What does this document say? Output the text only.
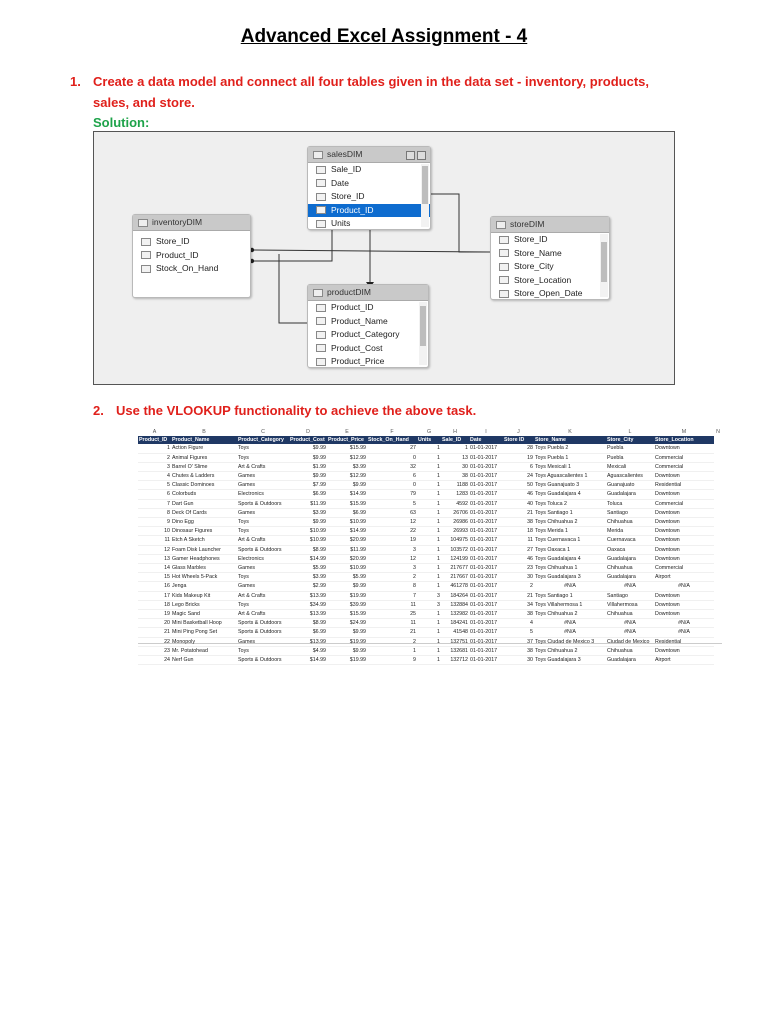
Advanced Excel Assignment - 4
1. Create a data model and connect all four tables given in the data set - inventory, products,
sales, and store.
Solution:
salesDIM
Sale_ID
Date
Store_ID
Product_ID
Units
inventoryDIM
Store_ID
Product_ID
Stock_On_Hand
storeDIM
Store_ID
Store_Name
Store_City
Store_Location
Store_Open_Date
productDIM
Product_ID
Product_Name
Product_Category
Product_Cost
Product_Price
2. Use the VLOOKUP functionality to achieve the above task.
A	B	C	D	E	F	G	H	I	J	K	L	M	N
Product_ID	Product_Name	Product_Category	Product_Cost	Product_Price	Stock_On_Hand	Units	Sale_ID	Date	Store ID	Store_Name	Store_City	Store_Location	
1	Action Figure	Toys	$9.99	$15.99	27	1	1	01-01-2017	28	Toys Puebla 2	Puebla	Downtown	
2	Animal Figures	Toys	$9.99	$12.99	0	1	13	01-01-2017	19	Toys Puebla 1	Puebla	Commercial	
3	Barrel O' Slime	Art & Crafts	$1.99	$3.99	32	1	30	01-01-2017	6	Toys Mexicali 1	Mexicali	Commercial	
4	Chutes & Ladders	Games	$9.99	$12.99	6	1	38	01-01-2017	24	Toys Aguascalientes 1	Aguascalientes	Downtown	
5	Classic Dominoes	Games	$7.99	$9.99	0	1	1188	01-01-2017	50	Toys Guanajuato 3	Guanajuato	Residential	
6	Colorbuds	Electronics	$6.99	$14.99	79	1	1283	01-01-2017	46	Toys Guadalajara 4	Guadalajara	Downtown	
7	Dart Gun	Sports & Outdoors	$11.99	$15.99	5	1	4592	01-01-2017	40	Toys Toluca 2	Toluca	Commercial	
8	Deck Of Cards	Games	$3.99	$6.99	63	1	26706	01-01-2017	21	Toys Santiago 1	Santiago	Downtown	
9	Dino Egg	Toys	$9.99	$10.99	12	1	26986	01-01-2017	38	Toys Chihuahua 2	Chihuahua	Downtown	
10	Dinosaur Figures	Toys	$10.99	$14.99	22	1	26993	01-01-2017	18	Toys Merida 1	Merida	Downtown	
11	Etch A Sketch	Art & Crafts	$10.99	$20.99	19	1	104975	01-01-2017	11	Toys Cuernavaca 1	Cuernavaca	Downtown	
12	Foam Disk Launcher	Sports & Outdoors	$8.99	$11.99	3	1	103572	01-01-2017	27	Toys Oaxaca 1	Oaxaca	Downtown	
13	Gamer Headphones	Electronics	$14.99	$20.99	12	1	124199	01-01-2017	46	Toys Guadalajara 4	Guadalajara	Downtown	
14	Glass Marbles	Games	$5.99	$10.99	3	1	217677	01-01-2017	23	Toys Chihuahua 1	Chihuahua	Commercial	
15	Hot Wheels 5-Pack	Toys	$3.99	$5.99	2	1	217667	01-01-2017	30	Toys Guadalajara 3	Guadalajara	Airport	
16	Jenga	Games	$2.99	$9.99	8	1	461278	01-01-2017	2	#N/A	#N/A	#N/A	
17	Kids Makeup Kit	Art & Crafts	$13.99	$19.99	7	3	184264	01-01-2017	21	Toys Santiago 1	Santiago	Downtown	
18	Lego Bricks	Toys	$34.99	$39.99	11	3	132884	01-01-2017	34	Toys Villahermosa 1	Villahermosa	Downtown	
19	Magic Sand	Art & Crafts	$13.99	$15.99	25	1	132982	01-01-2017	38	Toys Chihuahua 2	Chihuahua	Downtown	
20	Mini Basketball Hoop	Sports & Outdoors	$8.99	$24.99	11	1	184241	01-01-2017	4	#N/A	#N/A	#N/A	
21	Mini Ping Pong Set	Sports & Outdoors	$6.99	$9.99	21	1	41548	01-01-2017	5	#N/A	#N/A	#N/A	
22	Monopoly	Games	$13.99	$19.99	2	1	132751	01-01-2017	37	Toys Ciudad de Mexico 3	Ciudad de Mexico	Residential	
23	Mr. Potatohead	Toys	$4.99	$9.99	1	1	132681	01-01-2017	38	Toys Chihuahua 2	Chihuahua	Downtown	
24	Nerf Gun	Sports & Outdoors	$14.99	$19.99	9	1	132712	01-01-2017	30	Toys Guadalajara 3	Guadalajara	Airport	
